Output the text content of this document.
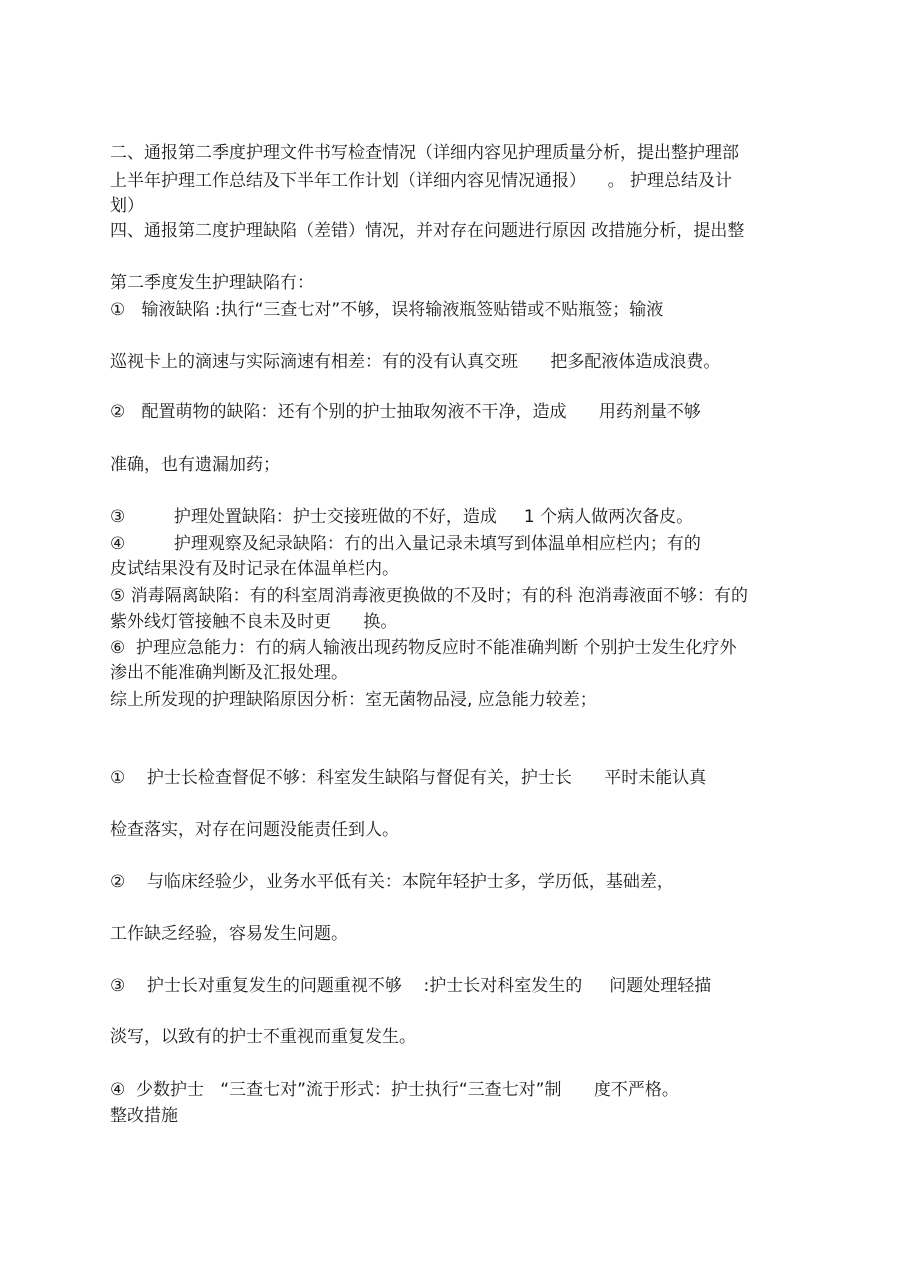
二、通报第二季度护理文件书写检查情况（详细内容见护理质量分析，提出整护理部
上半年护理工作总结及下半年工作计划（详细内容见情况通报）    。 护理总结及计
划）
四、通报第二度护理缺陷（差错）情况，并对存在问题进行原因 改措施分析，提出整
第二季度发生护理缺陷冇：
①   输液缺陷 :执行“三查七对”不够，误将输液瓶签贴错或不贴瓶签；输液
巡视卡上的滴速与实际滴速有相差：有的没有认真交班      把多配液体造成浪费。
②   配置萌物的缺陷：还有个别的护士抽取匆液不干净，造成      用药剂量不够
准确，也有遗漏加药；
③         护理处置缺陷：护士交接班做的不好，造成     1 个病人做两次备皮。
④         护理观察及紀录缺陷：冇的出入量记录未填写到体温单相应栏内；有的
皮试结果没有及时记录在体温单栏内。
⑤ 消毒隔离缺陷：有的科室周消毒液更换做的不及时；有的科 泡消毒液面不够：有的
紫外线灯管接触不良未及时更      换。
⑥  护理应急能力：冇的病人输液出现药物反应时不能准确判断 个别护士发生化疗外
渗出不能准确判断及汇报处理。
综上所发现的护理缺陷原因分析：室无菌物品浸, 应急能力较差；
①    护士长检查督促不够：科室发生缺陷与督促有关，护士长      平时未能认真
检查落实，对存在问题没能责任到人。
②    与临床经验少，业务水平低有关：本院年轻护士多，学历低，基础差，
工作缺乏经验，容易发生问题。
③    护士长对重复发生的问题重视不够    :护士长对科室发生的     问题处理轻描
淡写，以致有的护士不重视而重复发生。
④  少数护士   “三查七对”流于形式：护士执行“三查七对”制      度不严格。
整改措施
